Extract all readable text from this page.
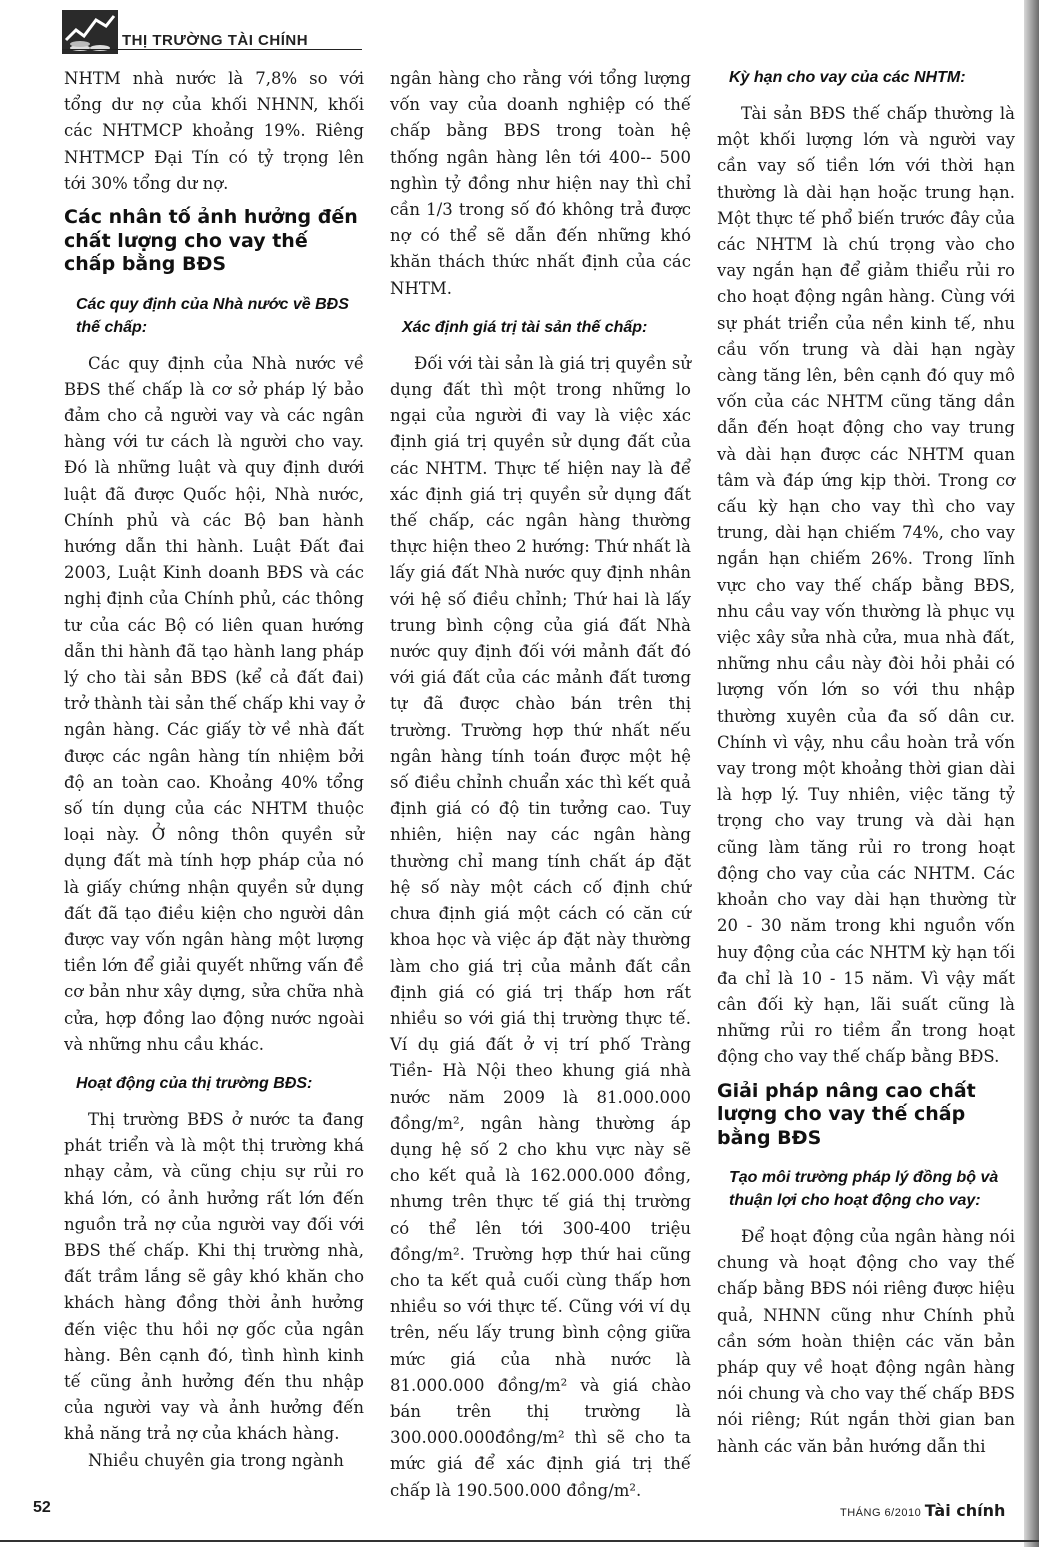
THỊ TRƯỜNG TÀI CHÍNH

NHTM nhà nước là 7,8% so với tổng dư nợ của khối NHNN, khối các NHTMCP khoảng 19%. Riêng NHTMCP Đại Tín có tỷ trọng lên tới 30% tổng dư nợ.

Các nhân tố ảnh hưởng đến chất lượng cho vay thế chấp bằng BĐS
Các quy định của Nhà nước về BĐS thế chấp:

Các quy định của Nhà nước về BĐS thế chấp là cơ sở pháp lý bảo đảm cho cả người vay và các ngân hàng với tư cách là người cho vay. Đó là những luật và quy định dưới luật đã được Quốc hội, Nhà nước, Chính phủ và các Bộ ban hành hướng dẫn thi hành. Luật Đất đai 2003, Luật Kinh doanh BĐS và các nghị định của Chính phủ, các thông tư của các Bộ có liên quan hướng dẫn thi hành đã tạo hành lang pháp lý cho tài sản BĐS (kể cả đất đai) trở thành tài sản thế chấp khi vay ở ngân hàng. Các giấy tờ về nhà đất được các ngân hàng tín nhiệm bởi độ an toàn cao. Khoảng 40% tổng số tín dụng của các NHTM thuộc loại này. Ở nông thôn quyền sử dụng đất mà tính hợp pháp của nó là giấy chứng nhận quyền sử dụng đất đã tạo điều kiện cho người dân được vay vốn ngân hàng một lượng tiền lớn để giải quyết những vấn đề cơ bản như xây dựng, sửa chữa nhà cửa, hợp đồng lao động nước ngoài và những nhu cầu khác.

Hoạt động của thị trường BĐS:

Thị trường BĐS ở nước ta đang phát triển và là một thị trường khá nhạy cảm, và cũng chịu sự rủi ro khá lớn, có ảnh hưởng rất lớn đến nguồn trả nợ của người vay đối với BĐS thế chấp. Khi thị trường nhà, đất trầm lắng sẽ gây khó khăn cho khách hàng đồng thời ảnh hưởng đến việc thu hồi nợ gốc của ngân hàng. Bên cạnh đó, tình hình kinh tế cũng ảnh hưởng đến thu nhập của người vay và ảnh hưởng đến khả năng trả nợ của khách hàng.

Nhiều chuyên gia trong ngành

ngân hàng cho rằng với tổng lượng vốn vay của doanh nghiệp có thế chấp bằng BĐS trong toàn hệ thống ngân hàng lên tới 400-- 500 nghìn tỷ đồng như hiện nay thì chỉ cần 1/3 trong số đó không trả được nợ có thể sẽ dẫn đến những khó khăn thách thức nhất định của các NHTM.

Xác định giá trị tài sản thế chấp:

Đối với tài sản là giá trị quyền sử dụng đất thì một trong những lo ngại của người đi vay là việc xác định giá trị quyền sử dụng đất của các NHTM. Thực tế hiện nay là để xác định giá trị quyền sử dụng đất thế chấp, các ngân hàng thường thực hiện theo 2 hướng: Thứ nhất là lấy giá đất Nhà nước quy định nhân với hệ số điều chỉnh; Thứ hai là lấy trung bình cộng của giá đất Nhà nước quy định đối với mảnh đất đó với giá đất của các mảnh đất tương tự đã được chào bán trên thị trường. Trường hợp thứ nhất nếu ngân hàng tính toán được một hệ số điều chỉnh chuẩn xác thì kết quả định giá có độ tin tưởng cao. Tuy nhiên, hiện nay các ngân hàng thường chỉ mang tính chất áp đặt hệ số này một cách cố định chứ chưa định giá một cách có căn cứ khoa học và việc áp đặt này thường làm cho giá trị của mảnh đất cần định giá có giá trị thấp hơn rất nhiều so với giá thị trường thực tế. Ví dụ giá đất ở vị trí phố Tràng Tiền- Hà Nội theo khung giá nhà nước năm 2009 là 81.000.000 đồng/m², ngân hàng thường áp dụng hệ số 2 cho khu vực này sẽ cho kết quả là 162.000.000 đồng, nhưng trên thực tế giá thị trường có thể lên tới 300-400 triệu đồng/m². Trường hợp thứ hai cũng cho ta kết quả cuối cùng thấp hơn nhiều so với thực tế. Cũng với ví dụ trên, nếu lấy trung bình cộng giữa mức giá của nhà nước là 81.000.000 đồng/m² và giá chào bán trên thị trường là 300.000.000đồng/m² thì sẽ cho ta mức giá để xác định giá trị thế chấp là 190.500.000 đồng/m².

Kỳ hạn cho vay của các NHTM:

Tài sản BĐS thế chấp thường là một khối lượng lớn và người vay cần vay số tiền lớn với thời hạn thường là dài hạn hoặc trung hạn. Một thực tế phổ biến trước đây của các NHTM là chú trọng vào cho vay ngắn hạn để giảm thiểu rủi ro cho hoạt động ngân hàng. Cùng với sự phát triển của nền kinh tế, nhu cầu vốn trung và dài hạn ngày càng tăng lên, bên cạnh đó quy mô vốn của các NHTM cũng tăng dần dẫn đến hoạt động cho vay trung và dài hạn được các NHTM quan tâm và đáp ứng kịp thời. Trong cơ cấu kỳ hạn cho vay thì cho vay trung, dài hạn chiếm 74%, cho vay ngắn hạn chiếm 26%. Trong lĩnh vực cho vay thế chấp bằng BĐS, nhu cầu vay vốn thường là phục vụ việc xây sửa nhà cửa, mua nhà đất, những nhu cầu này đòi hỏi phải có lượng vốn lớn so với thu nhập thường xuyên của đa số dân cư. Chính vì vậy, nhu cầu hoàn trả vốn vay trong một khoảng thời gian dài là hợp lý. Tuy nhiên, việc tăng tỷ trọng cho vay trung và dài hạn cũng làm tăng rủi ro trong hoạt động cho vay của các NHTM. Các khoản cho vay dài hạn thường từ 20 - 30 năm trong khi nguồn vốn huy động của các NHTM kỳ hạn tối đa chỉ là 10 - 15 năm. Vì vậy mất cân đối kỳ hạn, lãi suất cũng là những rủi ro tiềm ẩn trong hoạt động cho vay thế chấp bằng BĐS.

Giải pháp nâng cao chất lượng cho vay thế chấp bằng BĐS
Tạo môi trường pháp lý đồng bộ và thuận lợi cho hoạt động cho vay:

Để hoạt động của ngân hàng nói chung và hoạt động cho vay thế chấp bằng BĐS nói riêng được hiệu quả, NHNN cũng như Chính phủ cần sớm hoàn thiện các văn bản pháp quy về hoạt động ngân hàng nói chung và cho vay thế chấp BĐS nói riêng; Rút ngắn thời gian ban hành các văn bản hướng dẫn thi

52	THÁNG 6/2010 Tài chính
